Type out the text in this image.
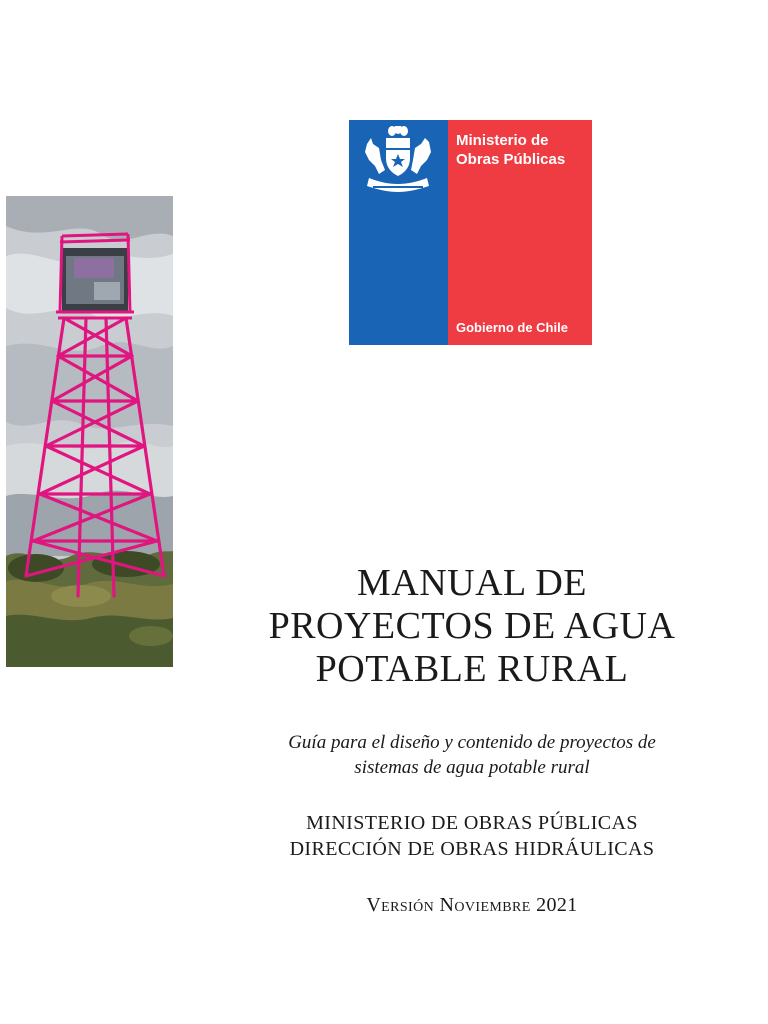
Ministerio de
Obras Públicas
Gobierno de Chile
MANUAL DE
PROYECTOS DE AGUA
POTABLE RURAL

Guía para el diseño y contenido de proyectos de
sistemas de agua potable rural

MINISTERIO DE OBRAS PÚBLICAS
DIRECCIÓN DE OBRAS HIDRÁULICAS

Versión Noviembre 2021
